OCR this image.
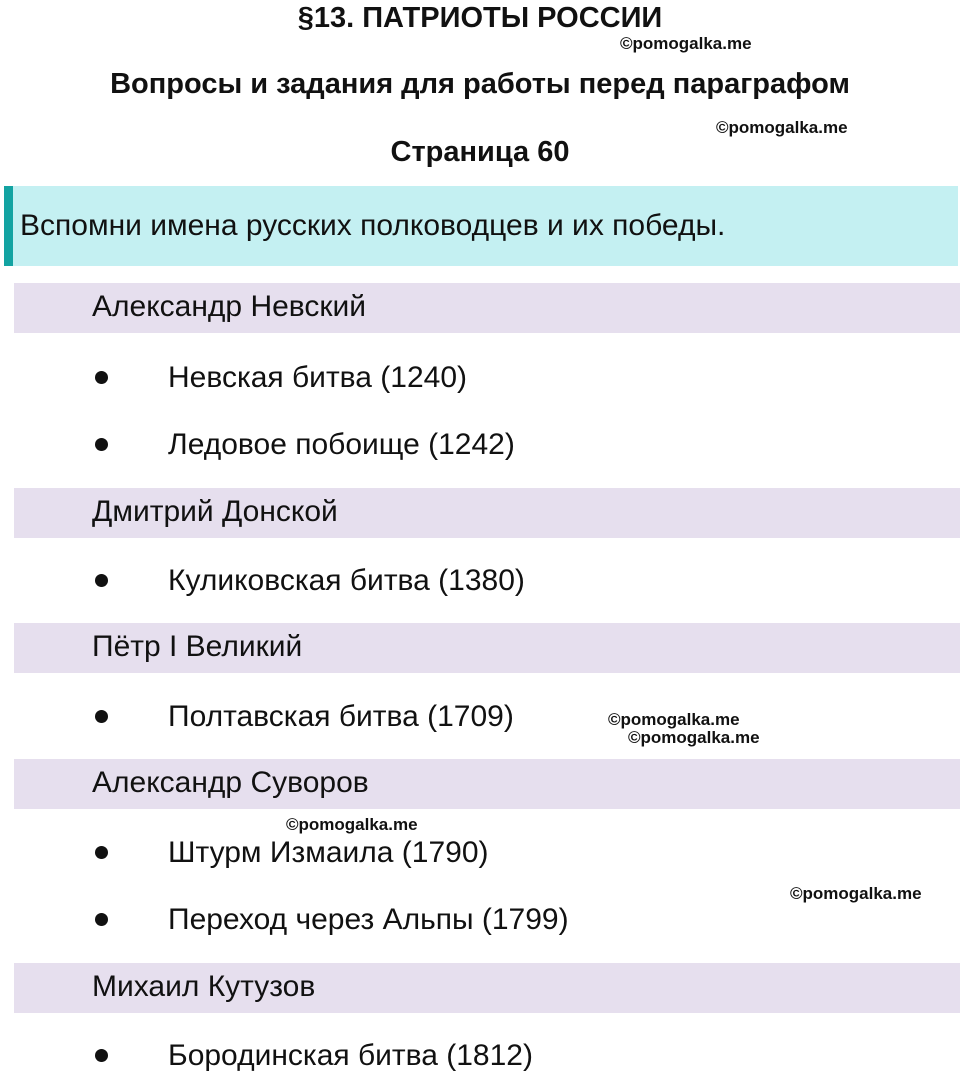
§13. ПАТРИОТЫ РОССИИ
Вопросы и задания для работы перед параграфом
Страница 60
©pomogalka.me
©pomogalka.me
Вспомни имена русских полководцев и их победы.
Александр Невский
Невская битва (1240)
Ледовое побоище (1242)
Дмитрий Донской
Куликовская битва (1380)
Пётр I Великий
Полтавская битва (1709)	©pomogalka.me
©pomogalka.me
Александр Суворов
©pomogalka.me
Штурм Измаила (1790)
©pomogalka.me
Переход через Альпы (1799)
Михаил Кутузов
Бородинская битва (1812)
